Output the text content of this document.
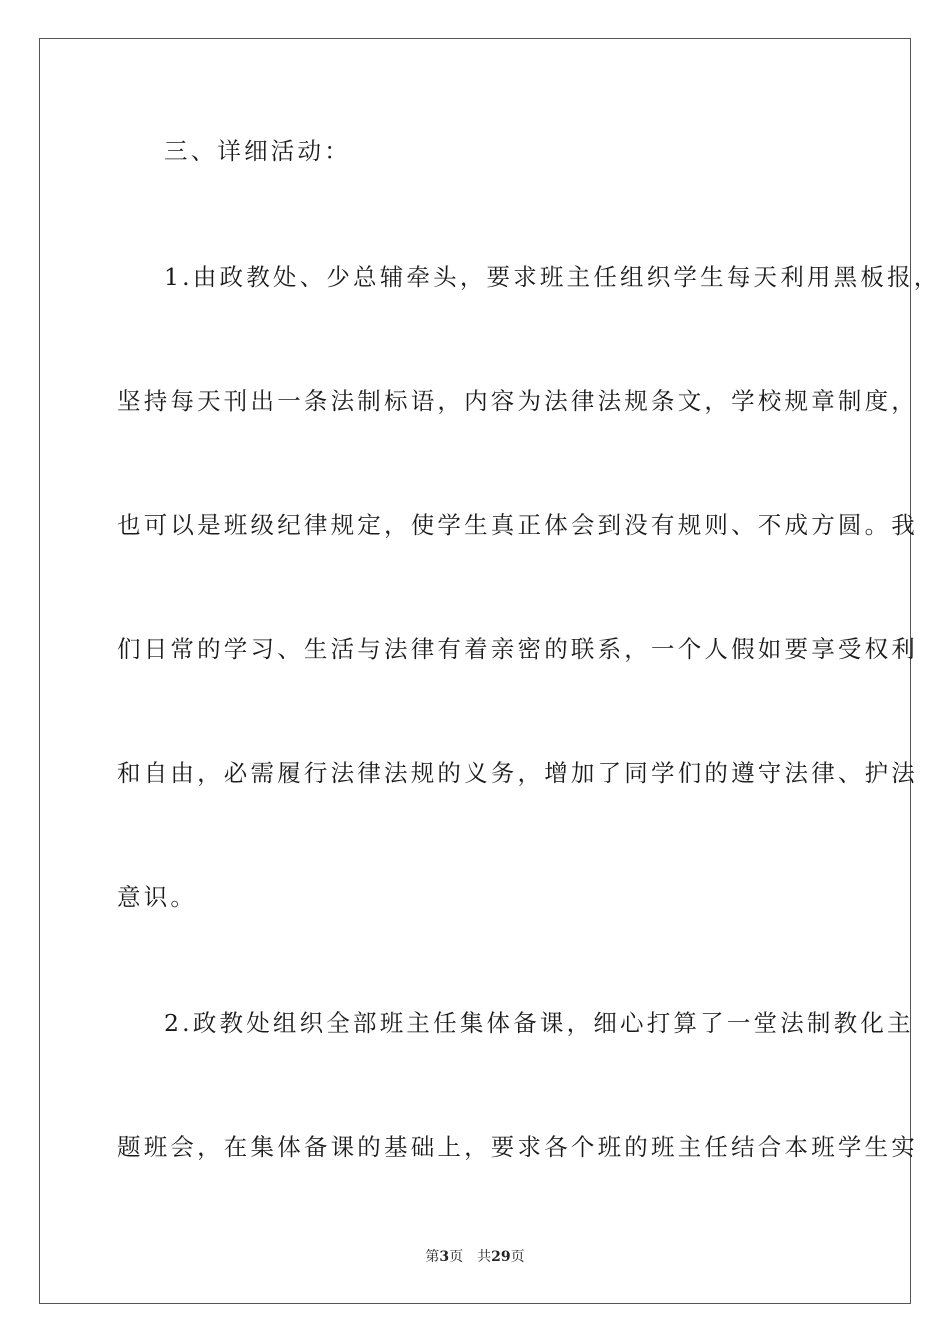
三、详细活动：
1.由政教处、少总辅牵头，要求班主任组织学生每天利用黑板报，
坚持每天刊出一条法制标语，内容为法律法规条文，学校规章制度，
也可以是班级纪律规定，使学生真正体会到没有规则、不成方圆。我
们日常的学习、生活与法律有着亲密的联系，一个人假如要享受权利
和自由，必需履行法律法规的义务，增加了同学们的遵守法律、护法
意识。
2.政教处组织全部班主任集体备课，细心打算了一堂法制教化主
题班会，在集体备课的基础上，要求各个班的班主任结合本班学生实
第3页 共29页
